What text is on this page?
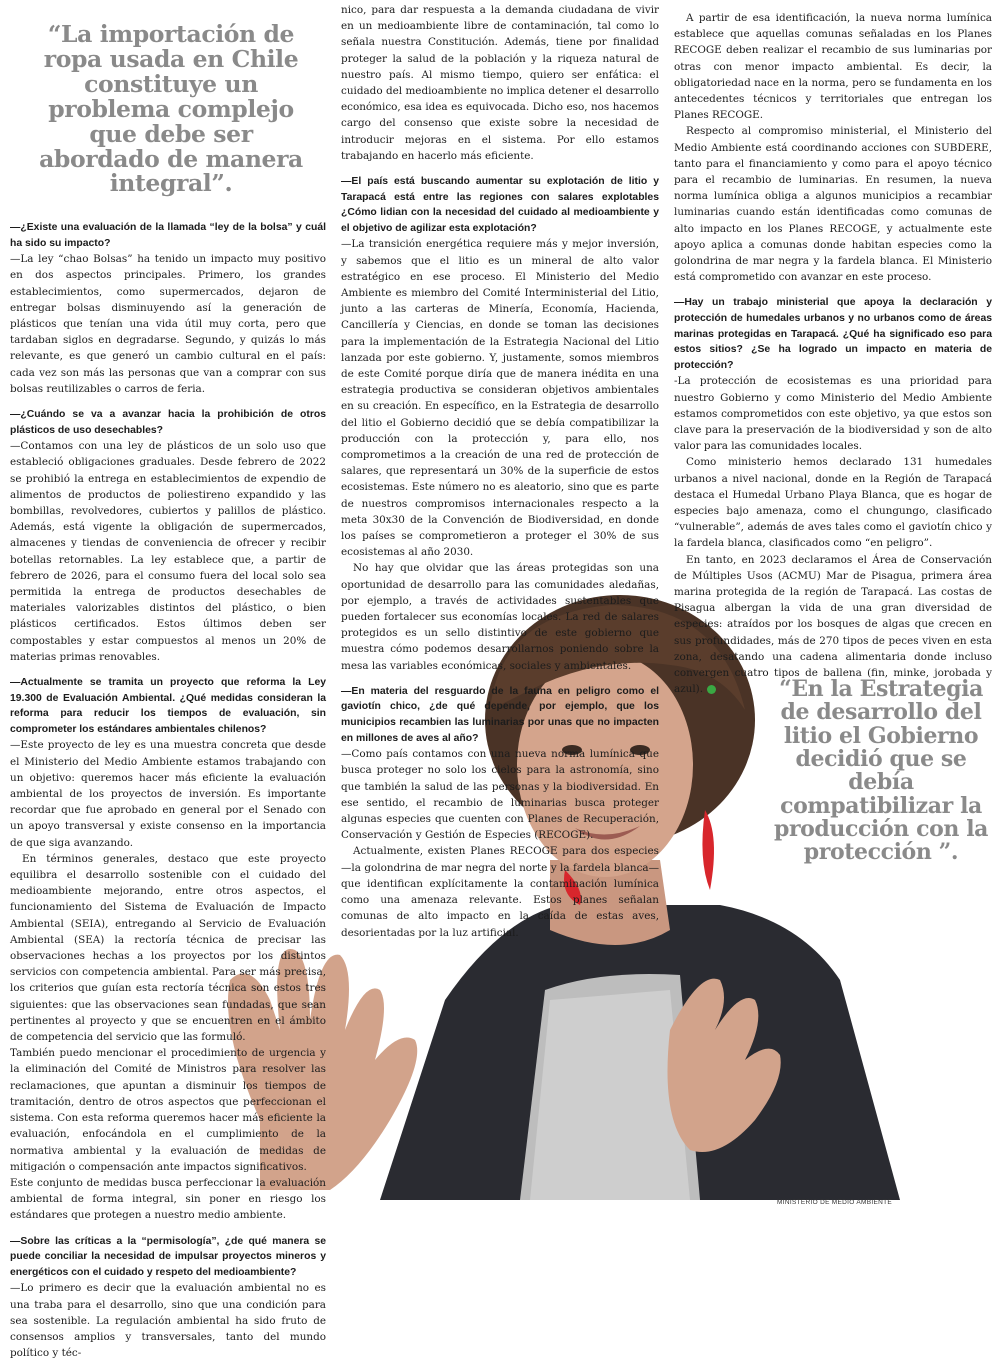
“La importación de ropa usada en Chile constituye un problema complejo que debe ser abordado de manera integral”.
“En la Estrategia de desarrollo del litio el Gobierno decidió que se debía compatibilizar la producción con la protección ”.

—¿Existe una evaluación de la llamada “ley de la bolsa” y cuál ha sido su impacto?

—La ley “chao Bolsas” ha tenido un impacto muy positivo en dos aspectos principales. Primero, los grandes establecimientos, como supermercados, dejaron de entregar bolsas disminuyendo así la generación de plásticos que tenían una vida útil muy corta, pero que tardaban siglos en degradarse. Segundo, y quizás lo más relevante, es que generó un cambio cultural en el país: cada vez son más las personas que van a comprar con sus bolsas reutilizables o carros de feria.

—¿Cuándo se va a avanzar hacia la prohibición de otros plásticos de uso desechables?

—Contamos con una ley de plásticos de un solo uso que estableció obligaciones graduales. Desde febrero de 2022 se prohibió la entrega en establecimientos de expendio de alimentos de productos de poliestireno expandido y las bombillas, revolvedores, cubiertos y palillos de plástico. Además, está vigente la obligación de supermercados, almacenes y tiendas de conveniencia de ofrecer y recibir botellas retornables. La ley establece que, a partir de febrero de 2026, para el consumo fuera del local solo sea permitida la entrega de productos desechables de materiales valorizables distintos del plástico, o bien plásticos certificados. Estos últimos deben ser compostables y estar compuestos al menos un 20% de materias primas renovables.

—Actualmente se tramita un proyecto que reforma la Ley 19.300 de Evaluación Ambiental. ¿Qué medidas consideran la reforma para reducir los tiempos de evaluación, sin comprometer los estándares ambientales chilenos?

—Este proyecto de ley es una muestra concreta que desde el Ministerio del Medio Ambiente estamos trabajando con un objetivo: queremos hacer más eficiente la evaluación ambiental de los proyectos de inversión. Es importante recordar que fue aprobado en general por el Senado con un apoyo transversal y existe consenso en la importancia de que siga avanzando.

En términos generales, destaco que este proyecto equilibra el desarrollo sostenible con el cuidado del medioambiente mejorando, entre otros aspectos, el funcionamiento del Sistema de Evaluación de Impacto Ambiental (SEIA), entregando al Servicio de Evaluación Ambiental (SEA) la rectoría técnica de precisar las observaciones hechas a los proyectos por los distintos servicios con competencia ambiental. Para ser más precisa, los criterios que guían esta rectoría técnica son estos tres siguientes: que las observaciones sean fundadas, que sean pertinentes al proyecto y que se encuentren en el ámbito de competencia del servicio que las formuló.

También puedo mencionar el procedimiento de urgencia y la eliminación del Comité de Ministros para resolver las reclamaciones, que apuntan a disminuir los tiempos de tramitación, dentro de otros aspectos que perfeccionan el sistema. Con esta reforma queremos hacer más eficiente la evaluación, enfocándola en el cumplimiento de la normativa ambiental y la evaluación de medidas de mitigación o compensación ante impactos significativos.

Este conjunto de medidas busca perfeccionar la evaluación ambiental de forma integral, sin poner en riesgo los estándares que protegen a nuestro medio ambiente.

—Sobre las críticas a la “permisología”, ¿de qué manera se puede conciliar la necesidad de impulsar proyectos mineros y energéticos con el cuidado y respeto del medioambiente?

—Lo primero es decir que la evaluación ambiental no es una traba para el desarrollo, sino que una condición para sea sostenible. La regulación ambiental ha sido fruto de consensos amplios y transversales, tanto del mundo político y téc-

nico, para dar respuesta a la demanda ciudadana de vivir en un medioambiente libre de contaminación, tal como lo señala nuestra Constitución. Además, tiene por finalidad proteger la salud de la población y la riqueza natural de nuestro país. Al mismo tiempo, quiero ser enfática: el cuidado del medioambiente no implica detener el desarrollo económico, esa idea es equivocada. Dicho eso, nos hacemos cargo del consenso que existe sobre la necesidad de introducir mejoras en el sistema. Por ello estamos trabajando en hacerlo más eficiente.

—El país está buscando aumentar su explotación de litio y Tarapacá está entre las regiones con salares explotables ¿Cómo lidian con la necesidad del cuidado al medioambiente y el objetivo de agilizar esta explotación?

—La transición energética requiere más y mejor inversión, y sabemos que el litio es un mineral de alto valor estratégico en ese proceso. El Ministerio del Medio Ambiente es miembro del Comité Interministerial del Litio, junto a las carteras de Minería, Economía, Hacienda, Cancillería y Ciencias, en donde se toman las decisiones para la implementación de la Estrategia Nacional del Litio lanzada por este gobierno. Y, justamente, somos miembros de este Comité porque diría que de manera inédita en una estrategia productiva se consideran objetivos ambientales en su creación. En específico, en la Estrategia de desarrollo del litio el Gobierno decidió que se debía compatibilizar la producción con la protección y, para ello, nos comprometimos a la creación de una red de protección de salares, que representará un 30% de la superficie de estos ecosistemas. Este número no es aleatorio, sino que es parte de nuestros compromisos internacionales respecto a la meta 30x30 de la Convención de Biodiversidad, en donde los países se comprometieron a proteger el 30% de sus ecosistemas al año 2030.

No hay que olvidar que las áreas protegidas son una oportunidad de desarrollo para las comunidades aledañas, por ejemplo, a través de actividades sustentables que pueden fortalecer sus economías locales. La red de salares protegidos es un sello distintivo de este gobierno que muestra cómo podemos desarrollarnos poniendo sobre la mesa las variables económicas, sociales y ambientales.

—En materia del resguardo de la fauna en peligro como el gaviotín chico, ¿de qué depende, por ejemplo, que los municipios recambien las luminarias por unas que no impacten en millones de aves al año?

—Como país contamos con una nueva norma lumínica que busca proteger no solo los cielos para la astronomía, sino que también la salud de las personas y la biodiversidad. En ese sentido, el recambio de luminarias busca proteger algunas especies que cuenten con Planes de Recuperación, Conservación y Gestión de Especies (RECOGE).

Actualmente, existen Planes RECOGE para dos especies —la golondrina de mar negra del norte y la fardela blanca— que identifican explícitamente la contaminación lumínica como una amenaza relevante. Estos planes señalan comunas de alto impacto en la caída de estas aves, desorientadas por la luz artificial.

A partir de esa identificación, la nueva norma lumínica establece que aquellas comunas señaladas en los Planes RECOGE deben realizar el recambio de sus luminarias por otras con menor impacto ambiental. Es decir, la obligatoriedad nace en la norma, pero se fundamenta en los antecedentes técnicos y territoriales que entregan los Planes RECOGE.

Respecto al compromiso ministerial, el Ministerio del Medio Ambiente está coordinando acciones con SUBDERE, tanto para el financiamiento y como para el apoyo técnico para el recambio de luminarias. En resumen, la nueva norma lumínica obliga a algunos municipios a recambiar luminarias cuando están identificadas como comunas de alto impacto en los Planes RECOGE, y actualmente este apoyo aplica a comunas donde habitan especies como la golondrina de mar negra y la fardela blanca. El Ministerio está comprometido con avanzar en este proceso.

—Hay un trabajo ministerial que apoya la declaración y protección de humedales urbanos y no urbanos como de áreas marinas protegidas en Tarapacá. ¿Qué ha significado eso para estos sitios? ¿Se ha logrado un impacto en materia de protección?

-La protección de ecosistemas es una prioridad para nuestro Gobierno y como Ministerio del Medio Ambiente estamos comprometidos con este objetivo, ya que estos son clave para la preservación de la biodiversidad y son de alto valor para las comunidades locales.

Como ministerio hemos declarado 131 humedales urbanos a nivel nacional, donde en la Región de Tarapacá destaca el Humedal Urbano Playa Blanca, que es hogar de especies bajo amenaza, como el chungungo, clasificado “vulnerable”, además de aves tales como el gaviotín chico y la fardela blanca, clasificados como “en peligro”.

En tanto, en 2023 declaramos el Área de Conservación de Múltiples Usos (ACMU) Mar de Pisagua, primera área marina protegida de la región de Tarapacá. Las costas de Pisagua albergan la vida de una gran diversidad de especies: atraídos por los bosques de algas que crecen en sus profundidades, más de 270 tipos de peces viven en esta zona, desatando una cadena alimentaria donde incluso convergen cuatro tipos de ballena (fin, minke, jorobada y azul).

MINISTERIO DE MEDIO AMBIENTE
